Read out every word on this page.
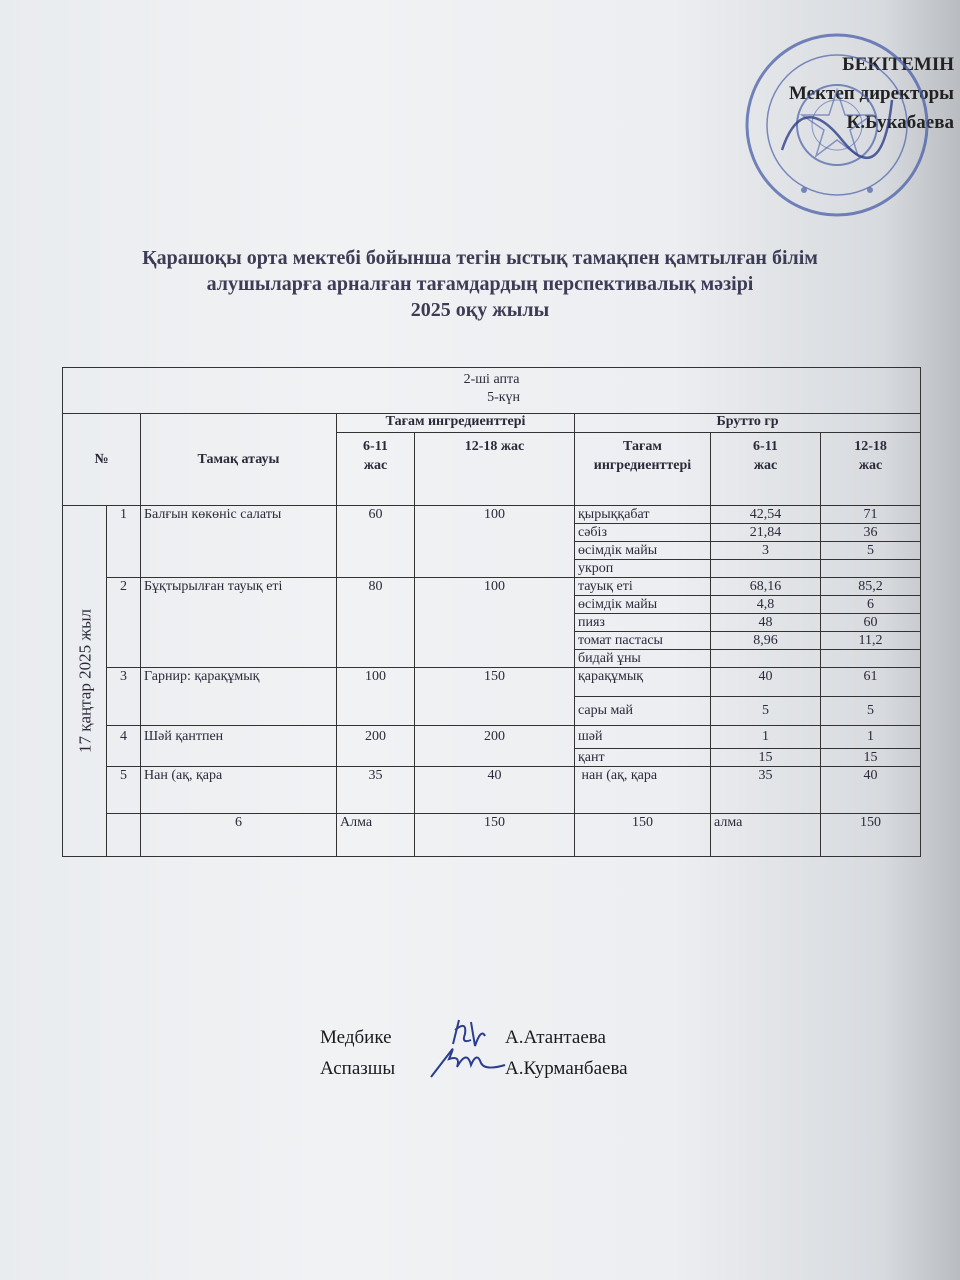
БЕКІТЕМІН
Мектеп директоры
К.Букабаева
Қарашоқы орта мектебі бойынша тегін ыстық тамақпен қамтылған білім
алушыларға арналған тағамдардың перспективалық мәзірі
2025 оқу жылы
2-ші апта
5-күн								

№		Тамақ атауы	Тағам ингредиенттері		Брутто гр			
			6-11 жас	12-18 жас	Тағам ингредиенттері	6-11 жас	12-18 жас	

17 қаңтар 2025 жыл	1	Балғын көкөніс салаты	60	100	қырыққабат	42,54	71	
					сәбіз	21,84	36	
					өсімдік майы	3	5	
					укроп			
	2	Бұқтырылған тауық еті	80	100	тауық еті	68,16	85,2	
					өсімдік майы	4,8	6	
					пияз	48	60	
					томат пастасы	8,96	11,2	
					бидай ұны			
	3	Гарнир: қарақұмық	100	150	қарақұмық	40	61	
					сары май	5	5	
	4	Шәй қантпен	200	200	шәй	1	1	
					қант	15	15	
	5	Нан (ақ, қара	35	40	нан (ақ, қара	35	40	
		6	Алма	150	150	алма	150	
Медбике	А.Атантаева
Аспазшы	А.Курманбаева
